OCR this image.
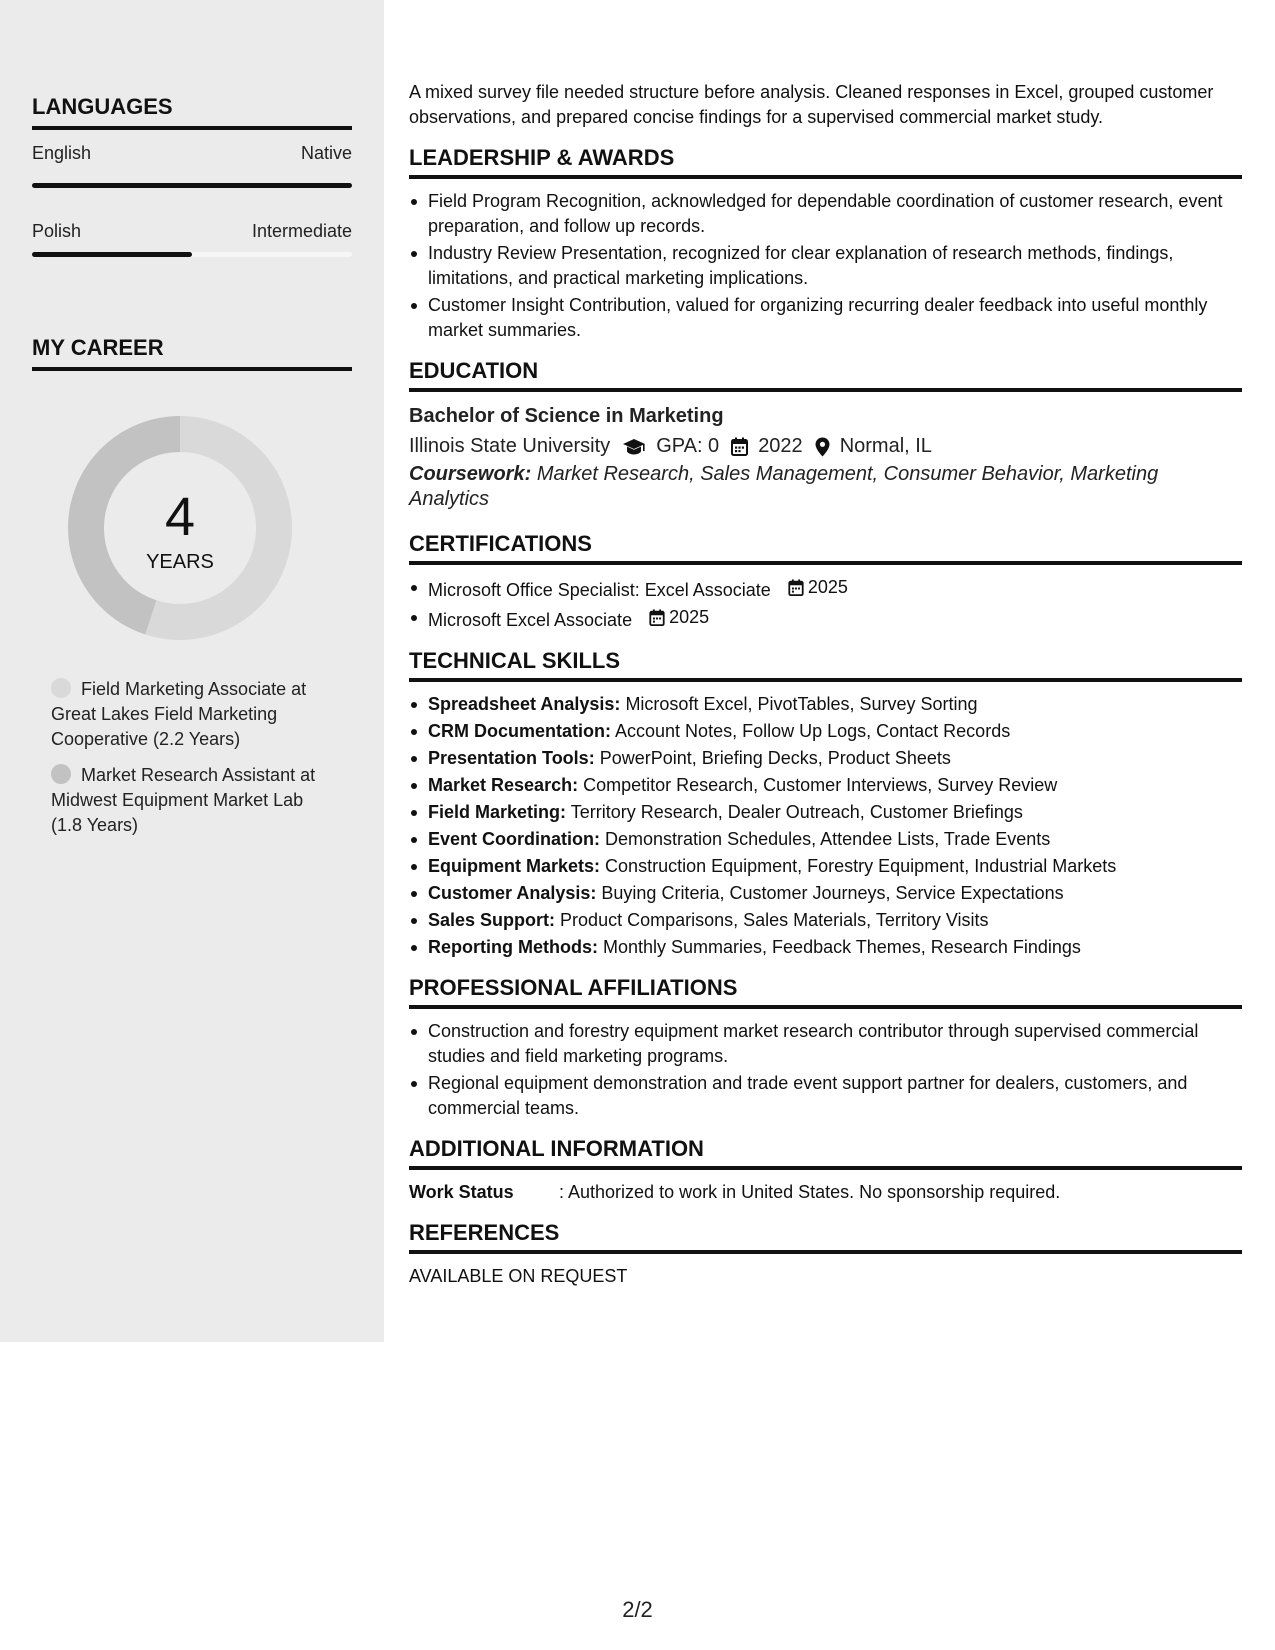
LANGUAGES
English	Native
Polish	Intermediate
MY CAREER
4
YEARS
Field Marketing Associate at Great Lakes Field Marketing Cooperative (2.2 Years)
Market Research Assistant at Midwest Equipment Market Lab (1.8 Years)

A mixed survey file needed structure before analysis. Cleaned responses in Excel, grouped customer observations, and prepared concise findings for a supervised commercial market study.

LEADERSHIP & AWARDS
Field Program Recognition, acknowledged for dependable coordination of customer research, event preparation, and follow up records.
Industry Review Presentation, recognized for clear explanation of research methods, findings, limitations, and practical marketing implications.
Customer Insight Contribution, valued for organizing recurring dealer feedback into useful monthly market summaries.
EDUCATION
Bachelor of Science in Marketing
Illinois State University GPA: 0 2022 Normal, IL
Coursework: Market Research, Sales Management, Consumer Behavior, Marketing Analytics
CERTIFICATIONS
Microsoft Office Specialist: Excel Associate 2025
Microsoft Excel Associate 2025
TECHNICAL SKILLS
Spreadsheet Analysis: Microsoft Excel, PivotTables, Survey Sorting
CRM Documentation: Account Notes, Follow Up Logs, Contact Records
Presentation Tools: PowerPoint, Briefing Decks, Product Sheets
Market Research: Competitor Research, Customer Interviews, Survey Review
Field Marketing: Territory Research, Dealer Outreach, Customer Briefings
Event Coordination: Demonstration Schedules, Attendee Lists, Trade Events
Equipment Markets: Construction Equipment, Forestry Equipment, Industrial Markets
Customer Analysis: Buying Criteria, Customer Journeys, Service Expectations
Sales Support: Product Comparisons, Sales Materials, Territory Visits
Reporting Methods: Monthly Summaries, Feedback Themes, Research Findings
PROFESSIONAL AFFILIATIONS
Construction and forestry equipment market research contributor through supervised commercial studies and field marketing programs.
Regional equipment demonstration and trade event support partner for dealers, customers, and commercial teams.
ADDITIONAL INFORMATION
Work Status	: Authorized to work in United States. No sponsorship required.
REFERENCES
AVAILABLE ON REQUEST
2/2
